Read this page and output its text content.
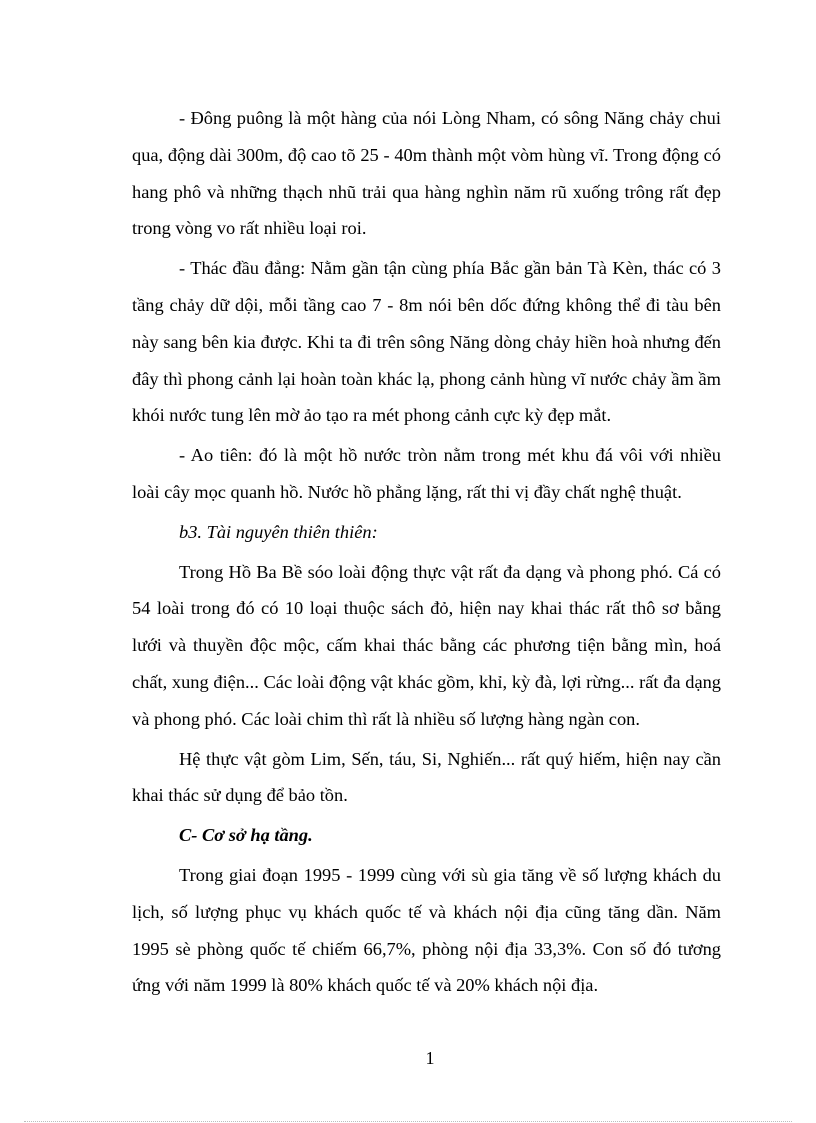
- Đông puông là một hàng của nói Lòng Nham, có sông Năng chảy chui qua, động dài 300m, độ cao tõ 25 - 40m thành một vòm hùng vĩ. Trong động có hang phô và những thạch nhũ trải qua hàng nghìn năm rũ xuống trông rất đẹp trong vòng vo rất nhiều loại roi.

- Thác đầu đẳng: Nằm gần tận cùng phía Bắc gần bản Tà Kèn, thác có 3 tầng chảy dữ dội, mỗi tầng cao 7 - 8m nói bên dốc đứng không thể đi tàu bên này sang bên kia được. Khi ta đi trên sông Năng dòng chảy hiền hoà nhưng đến đây thì phong cảnh lại hoàn toàn khác lạ, phong cảnh hùng vĩ nước chảy ầm ầm khói nước tung lên mờ ảo tạo ra mét phong cảnh cực kỳ đẹp mắt.

- Ao tiên: đó là một hồ nước tròn nằm trong mét khu đá vôi với nhiều loài cây mọc quanh hồ. Nước hồ phẳng lặng, rất thi vị đầy chất nghệ thuật.

b3. Tài nguyên thiên thiên:

Trong Hồ Ba Bề sóo loài động thực vật rất đa dạng và phong phó. Cá có 54 loài trong đó có 10 loại thuộc sách đỏ, hiện nay khai thác rất thô sơ bằng lưới và thuyền độc mộc, cấm khai thác bằng các phương tiện bằng mìn, hoá chất, xung điện... Các loài động vật khác gồm, khỉ, kỳ đà, lợi rừng... rất đa dạng và phong phó. Các loài chim thì rất là nhiều số lượng hàng ngàn con.

Hệ thực vật gòm Lim, Sến, táu, Si, Nghiến... rất quý hiếm, hiện nay cần khai thác sử dụng để bảo tồn.

C- Cơ sở hạ tầng.

Trong giai đoạn 1995 - 1999 cùng với sù gia tăng về số lượng khách du lịch, số lượng phục vụ khách quốc tế và khách nội địa cũng tăng dần. Năm 1995 sè phòng quốc tế chiếm 66,7%, phòng nội địa 33,3%. Con số đó tương ứng với năm 1999 là 80% khách quốc tế và 20% khách nội địa.

1
